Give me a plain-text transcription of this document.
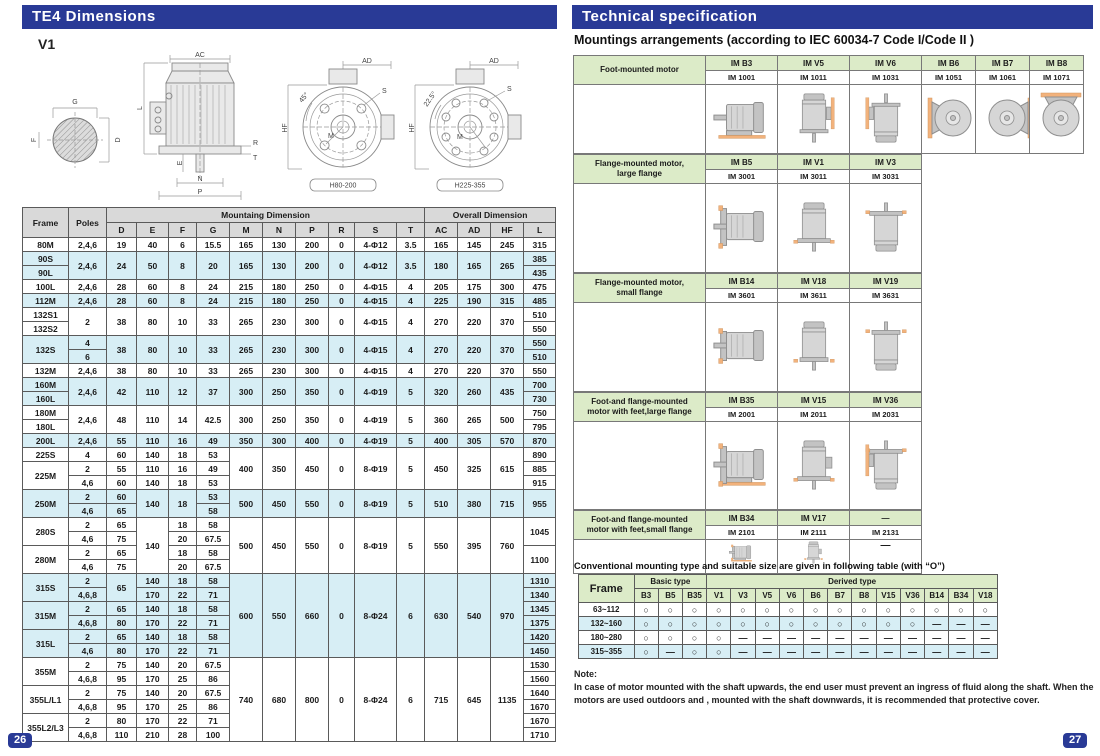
TE4 Dimensions
V1
G
D
F
AC
L
E
N
P
R
T
AD
S
45°
M
HF
H80-200
AD
S
22.5°
M
HF
H225-355
Frame	Poles	Mountaing Dimension										Overall Dimension			
		D	E	F	G	M	N	P	R	S	T	AC	AD	HF	L
80M	2,4,6	19	40	6	15.5	165	130	200	0	4-Φ12	3.5	165	145	245	315
90S	2,4,6	24	50	8	20	165	130	200	0	4-Φ12	3.5	180	165	265	385
90L															435
100L	2,4,6	28	60	8	24	215	180	250	0	4-Φ15	4	205	175	300	475
112M	2,4,6	28	60	8	24	215	180	250	0	4-Φ15	4	225	190	315	485
132S1	2	38	80	10	33	265	230	300	0	4-Φ15	4	270	220	370	510
132S2															550
132S	4	38	80	10	33	265	230	300	0	4-Φ15	4	270	220	370	550
	6														510
132M	2,4,6	38	80	10	33	265	230	300	0	4-Φ15	4	270	220	370	550
160M	2,4,6	42	110	12	37	300	250	350	0	4-Φ19	5	320	260	435	700
160L															730
180M	2,4,6	48	110	14	42.5	300	250	350	0	4-Φ19	5	360	265	500	750
180L															795
200L	2,4,6	55	110	16	49	350	300	400	0	4-Φ19	5	400	305	570	870
225S	4	60	140	18	53	400	350	450	0	8-Φ19	5	450	325	615	890
225M	2	55	110	16	49										885
	4,6	60	140	18	53										915
250M	2	60	140	18	53	500	450	550	0	8-Φ19	5	510	380	715	955
	4,6	65			58										
280S	2	65	140	18	58	500	450	550	0	8-Φ19	5	550	395	760	1045
	4,6	75		20	67.5										
280M	2	65		18	58										1100
	4,6	75		20	67.5										
315S	2	65	140	18	58	600	550	660	0	8-Φ24	6	630	540	970	1310
	4,6,8		170	22	71										1340
315M	2	65	140	18	58										1345
	4,6,8	80	170	22	71										1375
315L	2	65	140	18	58										1420
	4,6	80	170	22	71										1450
355M	2	75	140	20	67.5	740	680	800	0	8-Φ24	6	715	645	1135	1530
	4,6,8	95	170	25	86										1560
355L/L1	2	75	140	20	67.5										1640
	4,6,8	95	170	25	86										1670
355L2/L3	2	80	170	22	71										1670
	4,6,8	110	210	28	100										1710
Technical specification
Mountings arrangements (according to IEC 60034-7 Code I/Code II )
Foot-mounted motor	IM B3	IM V5	IM V6	IM B6	IM B7	IM B8
	IM 1001	IM 1011	IM 1031	IM 1051	IM 1061	IM 1071

Flange-mounted motor,
large flange	IM B5	IM V1	IM V3
	IM 3001	IM 3011	IM 3031

Flange-mounted motor,
small flange	IM B14	IM V18	IM V19
	IM 3601	IM 3611	IM 3631

Foot-and flange-mounted
motor with feet,large flange	IM B35	IM V15	IM V36
	IM 2001	IM 2011	IM 2031

Foot-and flange-mounted
motor with feet,small flange	IM B34	IM V17	—
	IM 2101	IM 2111	IM 2131
			—
Conventional mounting type and suitable size are given in following table (with “O”)
Frame	Basic type			Derived type											
	B3	B5	B35	V1	V3	V5	V6	B6	B7	B8	V15	V36	B14	B34	V18
63~112	○	○	○	○	○	○	○	○	○	○	○	○	○	○	○
132~160	○	○	○	○	○	○	○	○	○	○	○	○	—	—	—
180~280	○	○	○	○	—	—	—	—	—	—	—	—	—	—	—
315~355	○	—	○	○	—	—	—	—	—	—	—	—	—	—	—
Note:
In case of motor mounted with the shaft upwards, the end user must prevent an ingress of fluid along the shaft. When the motors are used outdoors and , mounted with the shaft downwards, it is recommended that protective cover.
26	27
